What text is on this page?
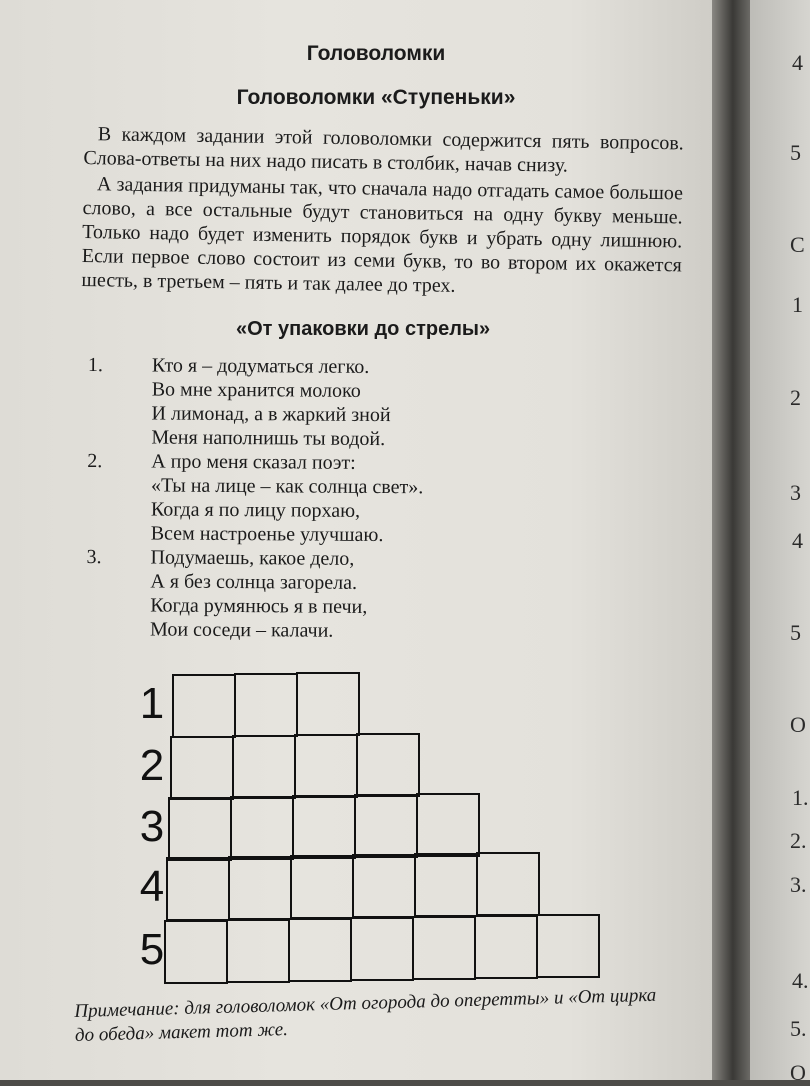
Головоломки
Головоломки «Ступеньки»

В каждом задании этой головоломки содержится пять вопросов. Слова-ответы на них надо писать в столбик, начав снизу.

А задания придуманы так, что сначала надо отгадать самое большое слово, а все остальные будут становиться на одну букву меньше. Только надо будет изменить порядок букв и убрать одну лишнюю. Если первое слово состоит из семи букв, то во втором их окажется шесть, в третьем – пять и так далее до трех.

«От упаковки до стрелы»
1.	Кто я – додуматься легко.
Во мне хранится молоко
И лимонад, а в жаркий зной
Меня наполнишь ты водой.
2.	А про меня сказал поэт:
«Ты на лице – как солнца свет».
Когда я по лицу порхаю,
Всем настроенье улучшаю.
3.	Подумаешь, какое дело,
А я без солнца загорела.
Когда румянюсь я в печи,
Мои соседи – калачи.
1
2
3
4
5
Примечание: для головоломок «От огорода до оперетты» и «От цирка до обеда» макет тот же.
4
5
С
1
2
3
4
5
О
1.
2.
3.
4.
5.
О
